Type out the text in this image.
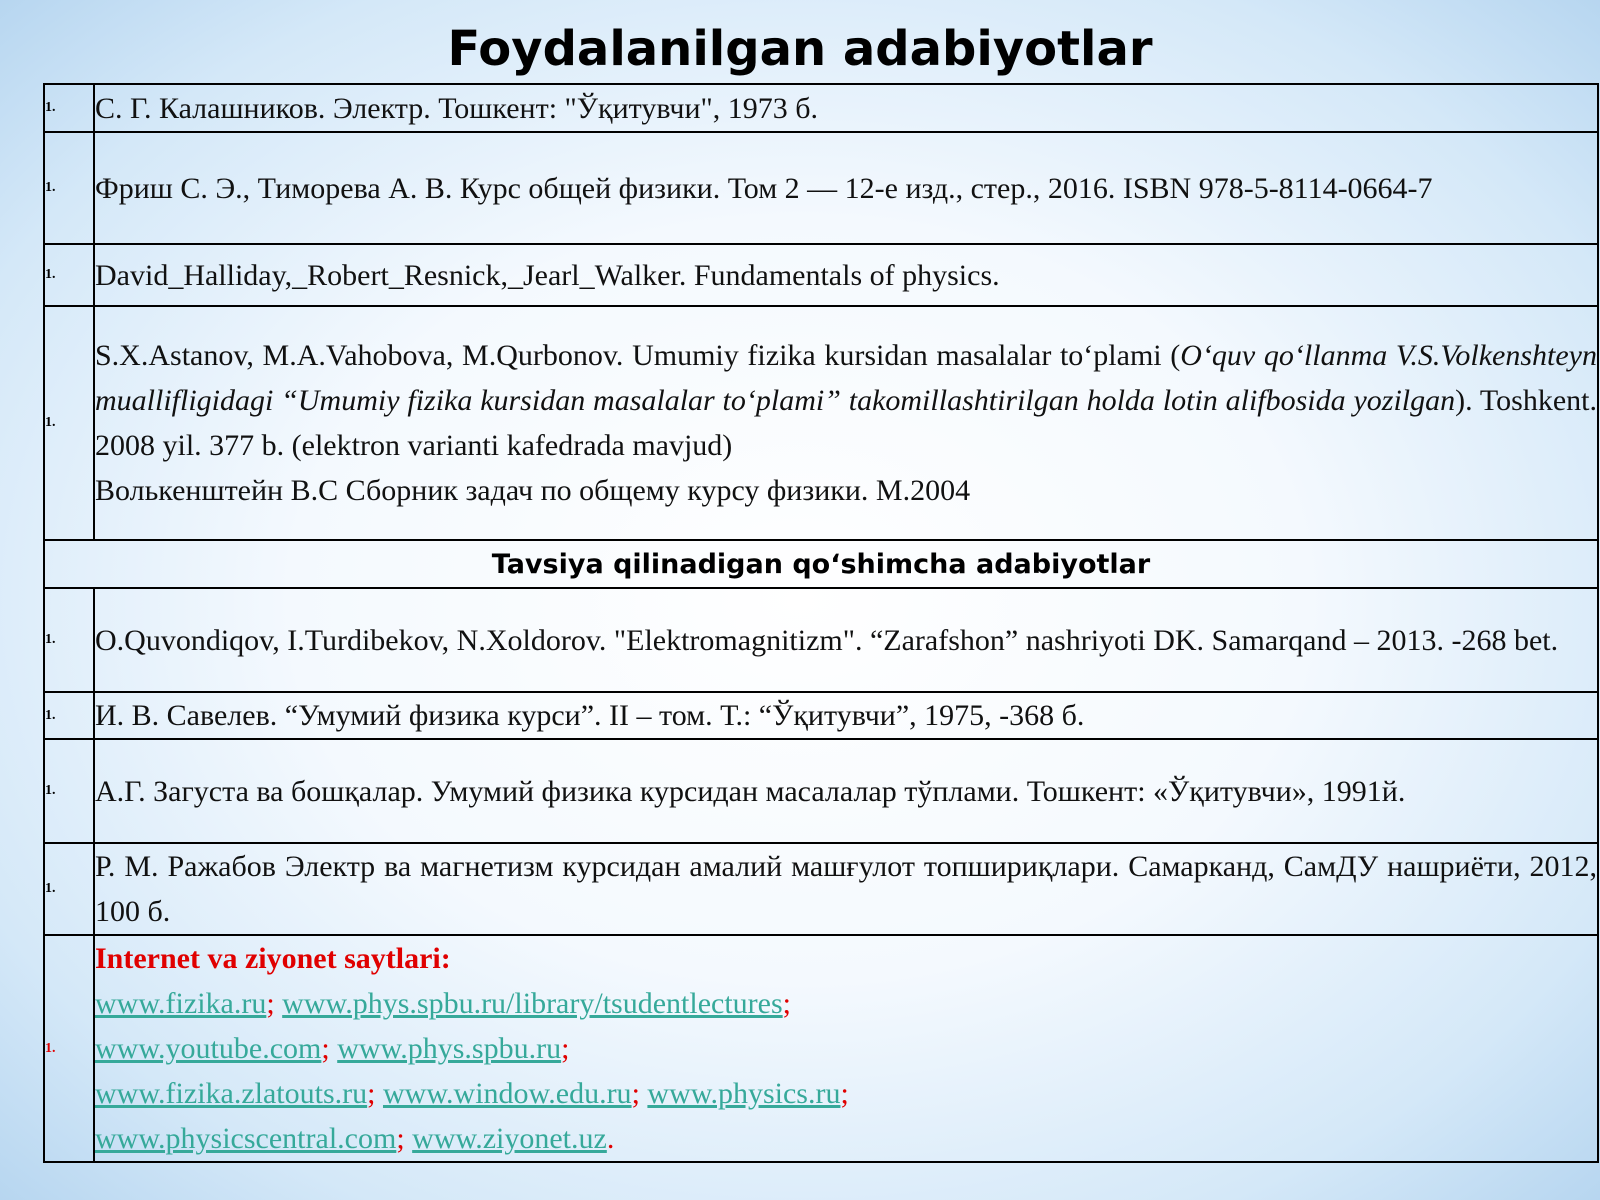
Foydalanilgan adabiyotlar
1.	С. Г. Калашников. Электр. Тошкент: "Ўқитувчи", 1973 б.
1.	Фриш С. Э., Тиморева А. В. Курс общей физики. Том 2 — 12-е изд., стер., 2016. ISBN 978-5-8114-0664-7
1.	David_Halliday,_Robert_Resnick,_Jearl_Walker. Fundamentals of physics.
1.	S.X.Astanov, M.A.Vahobova, M.Qurbonov. Umumiy fizika kursidan masalalar toʻplami (Oʻquv qoʻllanma V.S.Volkenshteyn muallifligidagi “Umumiy fizika kursidan masalalar toʻplami” takomillashtirilgan holda lotin alifbosida yozilgan). Toshkent. 2008 yil. 377 b. (elektron varianti kafedrada mavjud)
Волькенштейн В.С Сборник задач по общему курсу физики. М.2004
Tavsiya qilinadigan qoʻshimcha adabiyotlar	
1.	O.Quvondiqov, I.Turdibekov, N.Xoldorov. "Elektromagnitizm". “Zarafshon” nashriyoti DK. Samarqand – 2013. -268 bet.
1.	И. В. Савелев. “Умумий физика курси”. II – том. Т.: “Ўқитувчи”, 1975, -368 б.
1.	А.Г. Загуста ва бошқалар. Умумий физика курсидан масалалар тўплами. Тошкент: «Ўқитувчи», 1991й.
1.	Р. М. Ражабов Электр ва магнетизм курсидан амалий машғулот топшириқлари. Самарканд, СамДУ нашриёти, 2012, 100 б.
1.	Internet va ziyonet saytlari:
www.fizika.ru; www.phys.spbu.ru/library/tsudentlectures;
www.youtube.com; www.phys.spbu.ru;
www.fizika.zlatouts.ru; www.window.edu.ru; www.physics.ru;
www.physicscentral.com; www.ziyonet.uz.
